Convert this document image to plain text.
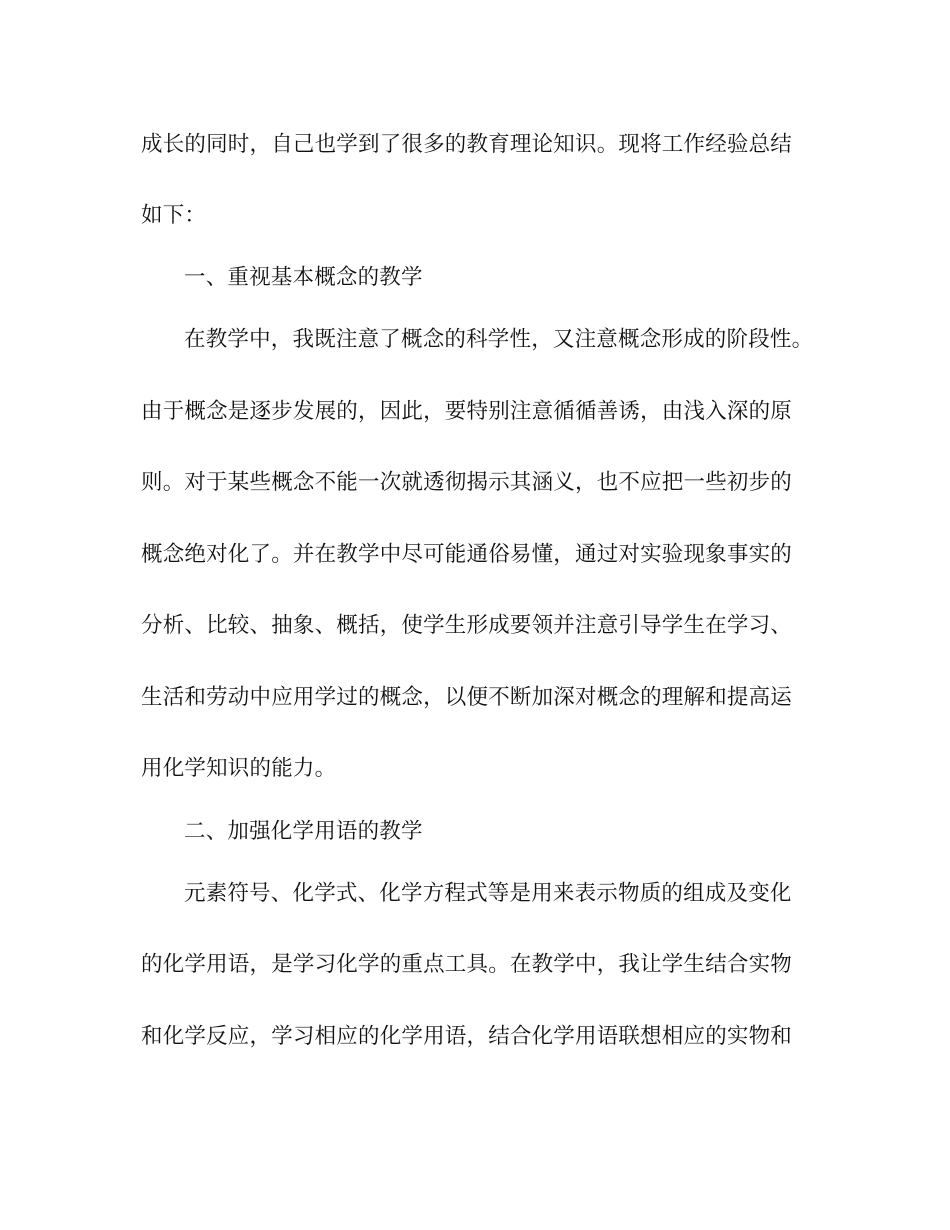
成长的同时，自己也学到了很多的教育理论知识。现将工作经验总结
如下：
一、重视基本概念的教学
在教学中，我既注意了概念的科学性，又注意概念形成的阶段性。
由于概念是逐步发展的，因此，要特别注意循循善诱，由浅入深的原
则。对于某些概念不能一次就透彻揭示其涵义，也不应把一些初步的
概念绝对化了。并在教学中尽可能通俗易懂，通过对实验现象事实的
分析、比较、抽象、概括，使学生形成要领并注意引导学生在学习、
生活和劳动中应用学过的概念，以便不断加深对概念的理解和提高运
用化学知识的能力。
二、加强化学用语的教学
元素符号、化学式、化学方程式等是用来表示物质的组成及变化
的化学用语，是学习化学的重点工具。在教学中，我让学生结合实物
和化学反应，学习相应的化学用语，结合化学用语联想相应的实物和
